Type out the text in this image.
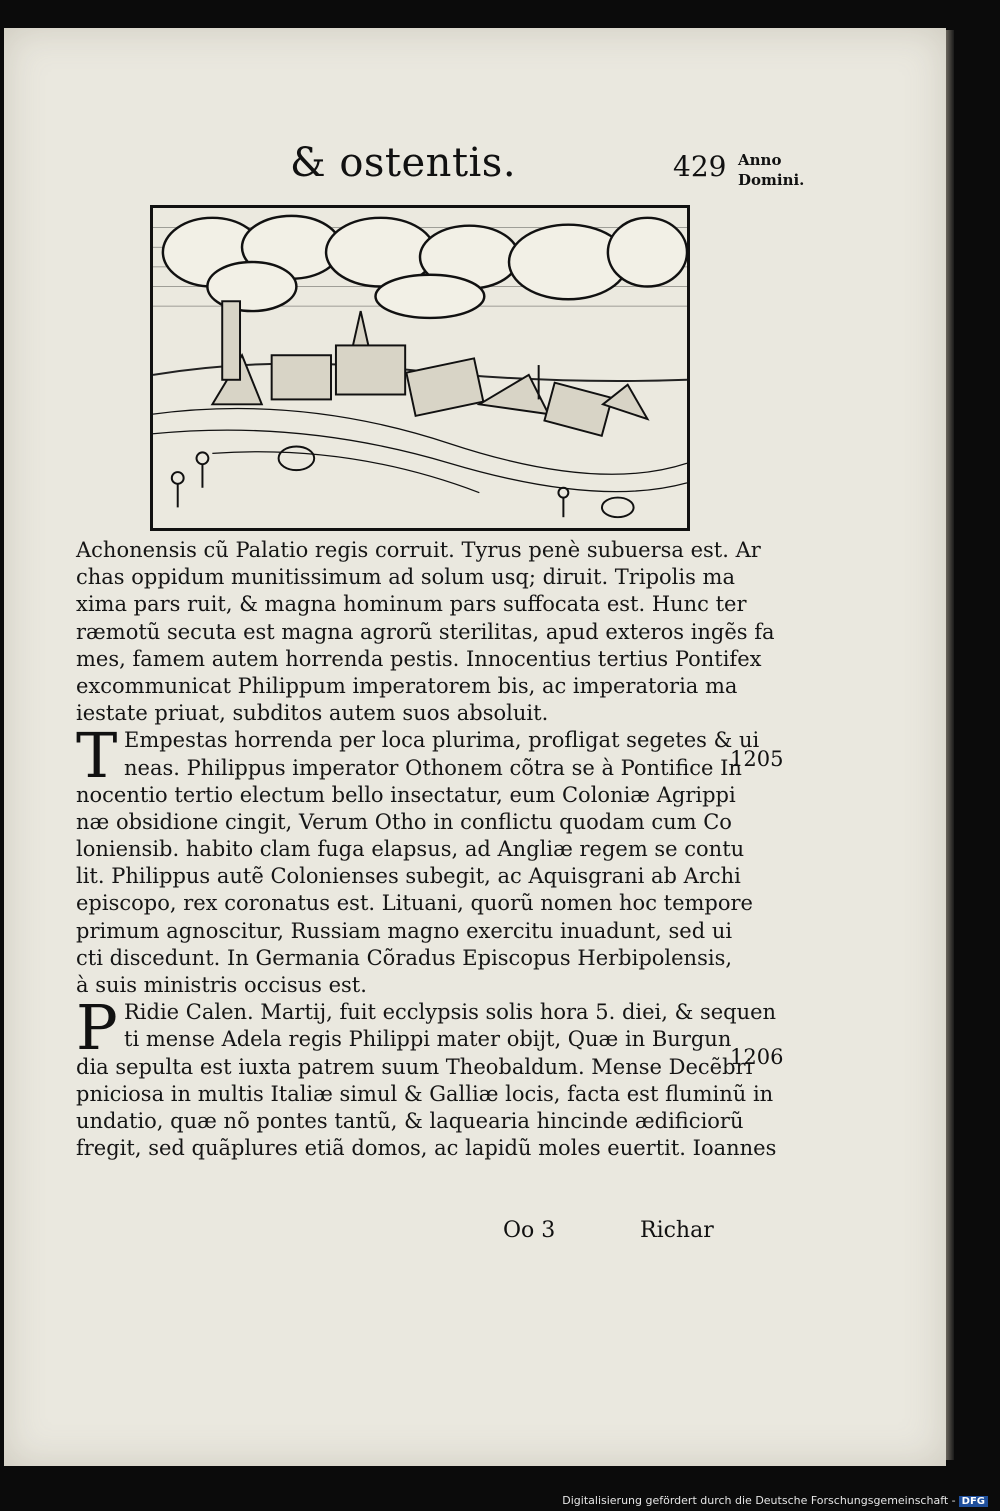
& ostentis.	429 Anno Domini.
Achonensis cũ Palatio regis corruit. Tyrus penè subuersa est. Ar
chas oppidum munitissimum ad solum usq; diruit. Tripolis ma
xima pars ruit, & magna hominum pars suffocata est. Hunc ter
ræmotũ secuta est magna agrorũ sterilitas, apud exteros ingẽs fa
mes, famem autem horrenda pestis. Innocentius tertius Pontifex
excommunicat Philippum imperatorem bis, ac imperatoria ma
iestate priuat, subditos autem suos absoluit.
T Empestas horrenda per loca plurima, profligat segetes & ui
neas. Philippus imperator Othonem cõtra se à Pontifice In
nocentio tertio electum bello insectatur, eum Coloniæ Agrippi
næ obsidione cingit, Verum Otho in conflictu quodam cum Co
loniensib. habito clam fuga elapsus, ad Angliæ regem se contu
lit. Philippus autẽ Colonienses subegit, ac Aquisgrani ab Archi
episcopo, rex coronatus est. Lituani, quorũ nomen hoc tempore
primum agnoscitur, Russiam magno exercitu inuadunt, sed ui
cti discedunt. In Germania Cõradus Episcopus Herbipolensis,
à suis ministris occisus est.
P Ridie Calen. Martij, fuit ecclypsis solis hora 5. diei, & sequen
ti mense Adela regis Philippi mater obijt, Quæ in Burgun
dia sepulta est iuxta patrem suum Theobaldum. Mense Decẽbri
pniciosa in multis Italiæ simul & Galliæ locis, facta est fluminũ in
undatio, quæ nõ pontes tantũ, & laquearia hincinde ædificiorũ
fregit, sed quãplures etiã domos, ac lapidũ moles euertit. Ioannes
1205
1206
Oo 3	Richar
Digitalisierung gefördert durch die Deutsche Forschungsgemeinschaft - DFG
